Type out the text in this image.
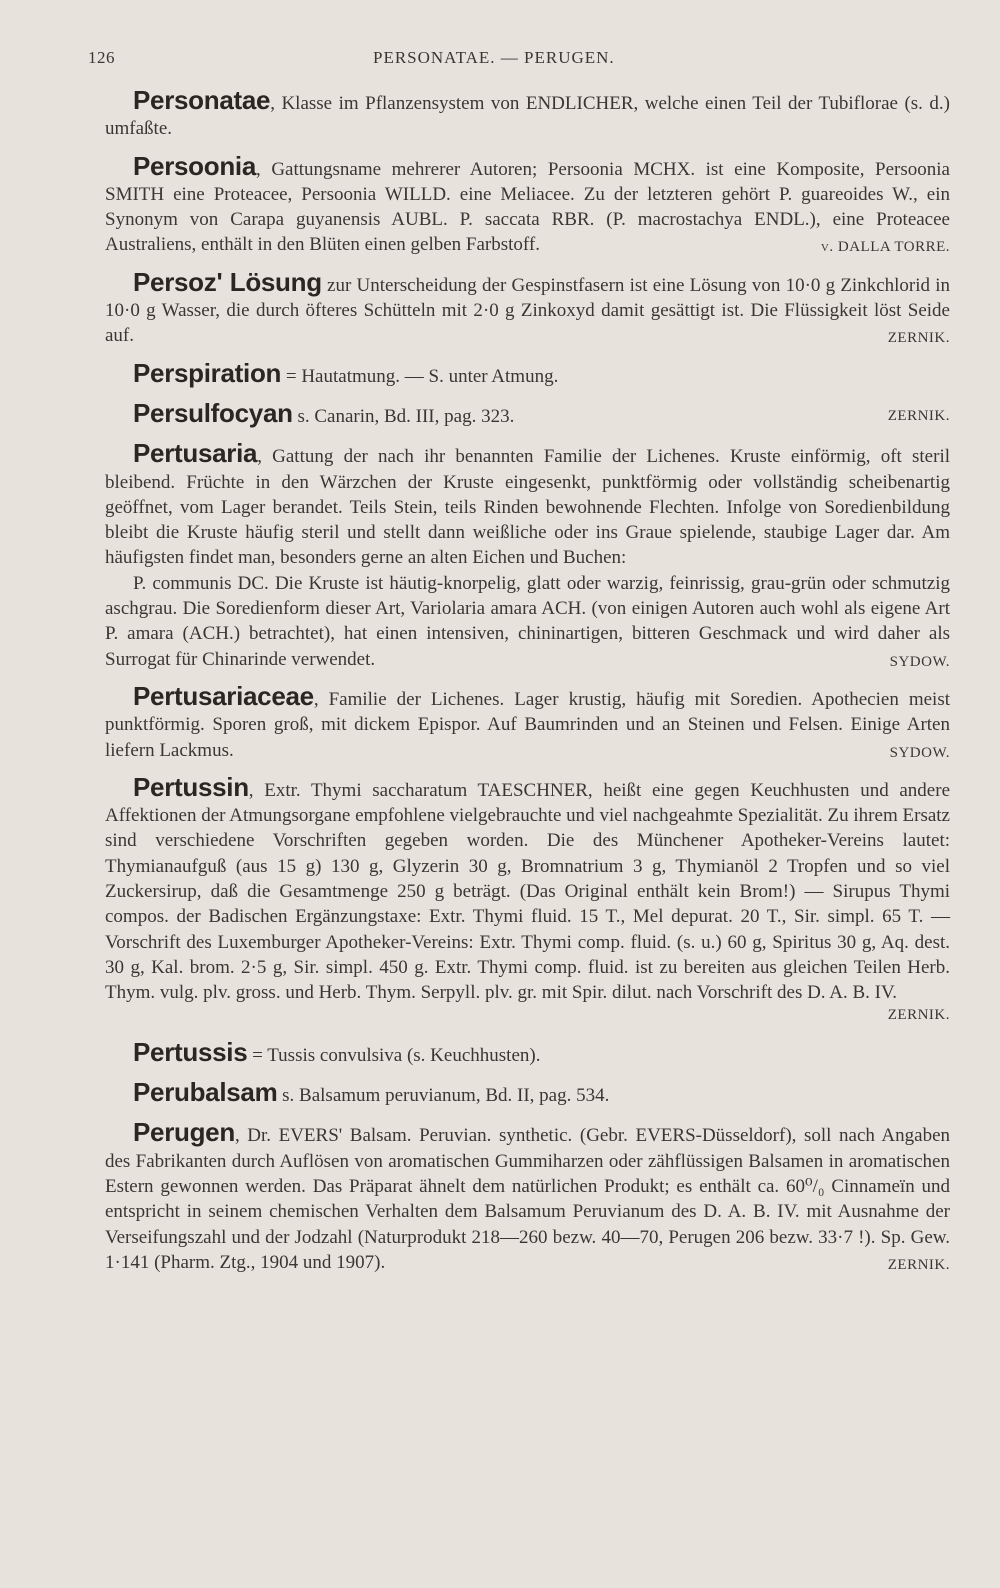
126	PERSONATAE. — PERUGEN.

Personatae, Klasse im Pflanzensystem von ENDLICHER, welche einen Teil der Tubiflorae (s. d.) umfaßte.

Persoonia, Gattungsname mehrerer Autoren; Persoonia MCHX. ist eine Komposite, Persoonia SMITH eine Proteacee, Persoonia WILLD. eine Meliacee. Zu der letzteren gehört P. guareoides W., ein Synonym von Carapa guyanensis AUBL. P. saccata RBR. (P. macrostachya ENDL.), eine Proteacee Australiens, enthält in den Blüten einen gelben Farbstoff.	v. DALLA TORRE.

Persoz' Lösung zur Unterscheidung der Gespinstfasern ist eine Lösung von 10·0 g Zinkchlorid in 10·0 g Wasser, die durch öfteres Schütteln mit 2·0 g Zinkoxyd damit gesättigt ist. Die Flüssigkeit löst Seide auf.	ZERNIK.

Perspiration = Hautatmung. — S. unter Atmung.

Persulfocyan s. Canarin, Bd. III, pag. 323.	ZERNIK.

Pertusaria, Gattung der nach ihr benannten Familie der Lichenes. Kruste einförmig, oft steril bleibend. Früchte in den Wärzchen der Kruste eingesenkt, punktförmig oder vollständig scheibenartig geöffnet, vom Lager berandet. Teils Stein, teils Rinden bewohnende Flechten. Infolge von Soredienbildung bleibt die Kruste häufig steril und stellt dann weißliche oder ins Graue spielende, staubige Lager dar. Am häufigsten findet man, besonders gerne an alten Eichen und Buchen:
P. communis DC. Die Kruste ist häutig-knorpelig, glatt oder warzig, feinrissig, grau-grün oder schmutzig aschgrau. Die Soredienform dieser Art, Variolaria amara ACH. (von einigen Autoren auch wohl als eigene Art P. amara (ACH.) betrachtet), hat einen intensiven, chininartigen, bitteren Geschmack und wird daher als Surrogat für Chinarinde verwendet.	SYDOW.

Pertusariaceae, Familie der Lichenes. Lager krustig, häufig mit Soredien. Apothecien meist punktförmig. Sporen groß, mit dickem Epispor. Auf Baumrinden und an Steinen und Felsen. Einige Arten liefern Lackmus.	SYDOW.

Pertussin, Extr. Thymi saccharatum TAESCHNER, heißt eine gegen Keuchhusten und andere Affektionen der Atmungsorgane empfohlene vielgebrauchte und viel nachgeahmte Spezialität. Zu ihrem Ersatz sind verschiedene Vorschriften gegeben worden. Die des Münchener Apotheker-Vereins lautet: Thymianaufguß (aus 15 g) 130 g, Glyzerin 30 g, Bromnatrium 3 g, Thymianöl 2 Tropfen und so viel Zuckersirup, daß die Gesamtmenge 250 g beträgt. (Das Original enthält kein Brom!) — Sirupus Thymi compos. der Badischen Ergänzungstaxe: Extr. Thymi fluid. 15 T., Mel depurat. 20 T., Sir. simpl. 65 T. — Vorschrift des Luxemburger Apotheker-Vereins: Extr. Thymi comp. fluid. (s. u.) 60 g, Spiritus 30 g, Aq. dest. 30 g, Kal. brom. 2·5 g, Sir. simpl. 450 g. Extr. Thymi comp. fluid. ist zu bereiten aus gleichen Teilen Herb. Thym. vulg. plv. gross. und Herb. Thym. Serpyll. plv. gr. mit Spir. dilut. nach Vorschrift des D. A. B. IV.
ZERNIK.

Pertussis = Tussis convulsiva (s. Keuchhusten).

Perubalsam s. Balsamum peruvianum, Bd. II, pag. 534.

Perugen, Dr. EVERS' Balsam. Peruvian. synthetic. (Gebr. EVERS-Düsseldorf), soll nach Angaben des Fabrikanten durch Auflösen von aromatischen Gummiharzen oder zähflüssigen Balsamen in aromatischen Estern gewonnen werden. Das Präparat ähnelt dem natürlichen Produkt; es enthält ca. 60⁰/₀ Cinnameïn und entspricht in seinem chemischen Verhalten dem Balsamum Peruvianum des D. A. B. IV. mit Ausnahme der Verseifungszahl und der Jodzahl (Naturprodukt 218—260 bezw. 40—70, Perugen 206 bezw. 33·7 !). Sp. Gew. 1·141 (Pharm. Ztg., 1904 und 1907).	ZERNIK.
